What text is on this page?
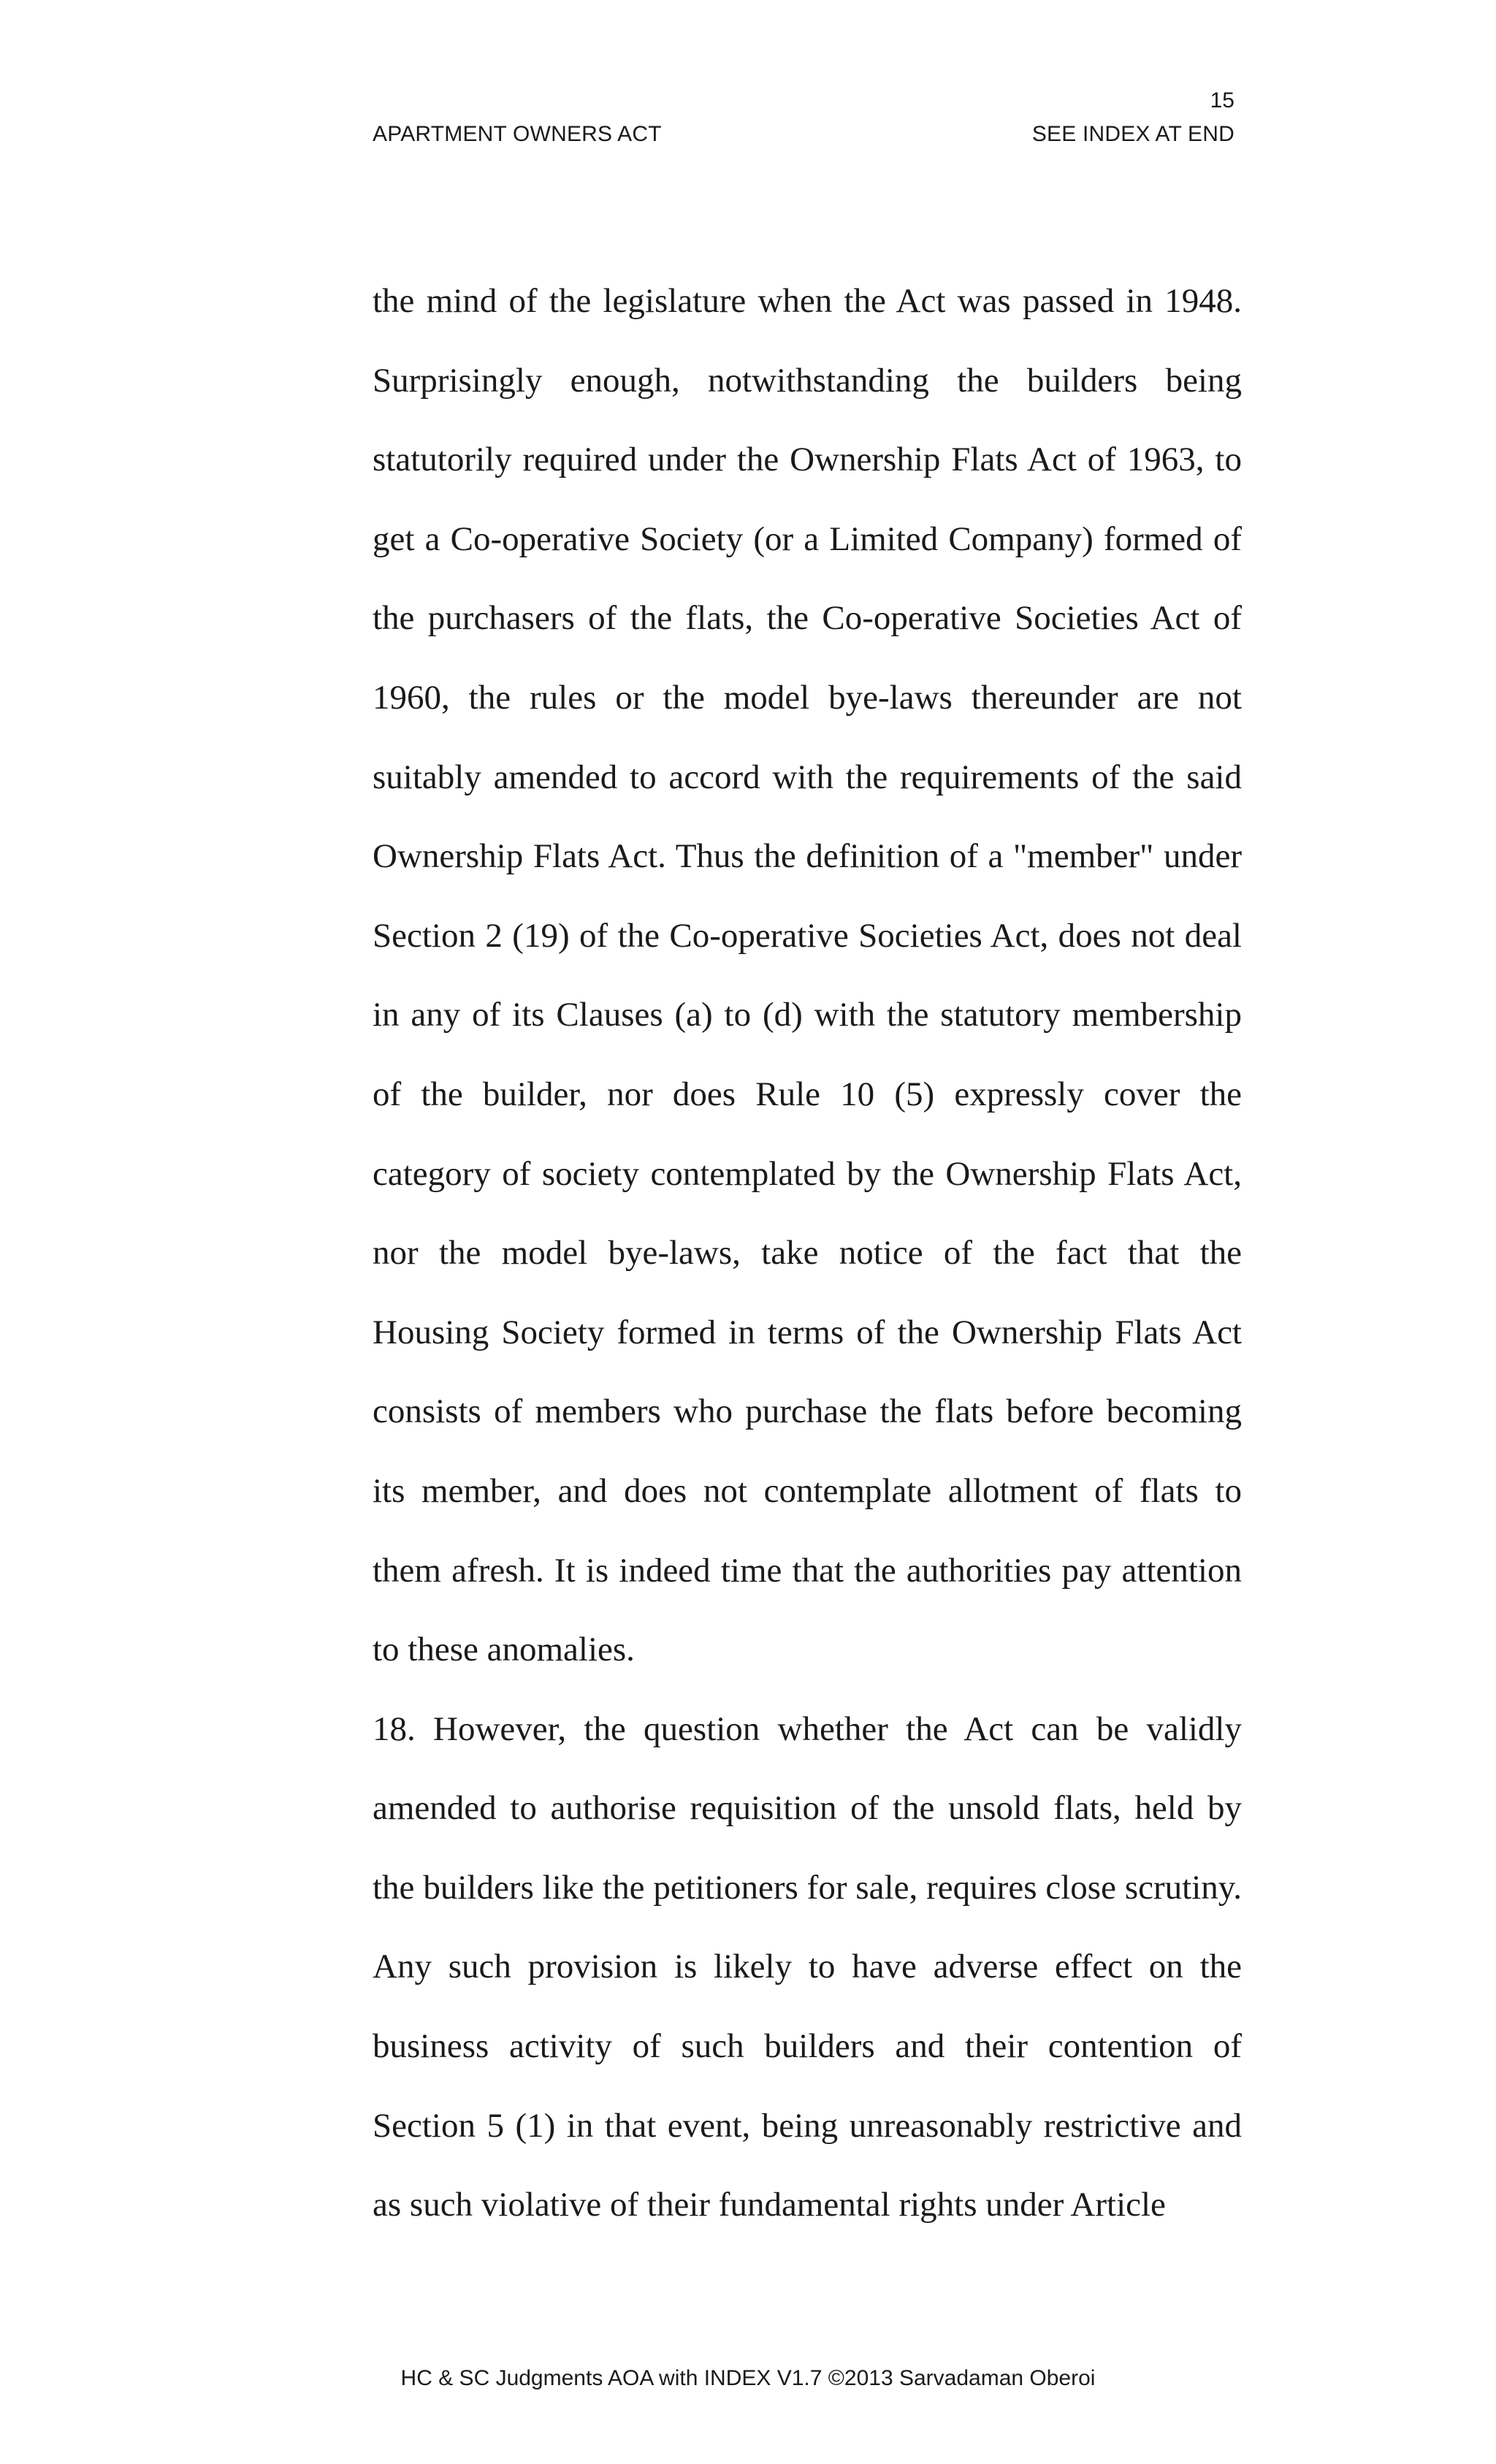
15
APARTMENT OWNERS ACT	SEE INDEX AT END

the mind of the legislature when the Act was passed in 1948. Surprisingly enough, notwithstanding the builders being statutorily required under the Ownership Flats Act of 1963, to get a Co-operative Society (or a Limited Company) formed of the purchasers of the flats, the Co-operative Societies Act of 1960, the rules or the model bye-laws thereunder are not suitably amended to accord with the requirements of the said Ownership Flats Act. Thus the definition of a "member" under Section 2 (19) of the Co-operative Societies Act, does not deal in any of its Clauses (a) to (d) with the statutory membership of the builder, nor does Rule 10 (5) expressly cover the category of society contemplated by the Ownership Flats Act, nor the model bye-laws, take notice of the fact that the Housing Society formed in terms of the Ownership Flats Act consists of members who purchase the flats before becoming its member, and does not contemplate allotment of flats to them afresh. It is indeed time that the authorities pay attention to these anomalies.

18. However, the question whether the Act can be validly amended to authorise requisition of the unsold flats, held by the builders like the petitioners for sale, requires close scrutiny. Any such provision is likely to have adverse effect on the business activity of such builders and their contention of Section 5 (1) in that event, being unreasonably restrictive and as such violative of their fundamental rights under Article

HC & SC Judgments AOA with INDEX V1.7 ©2013 Sarvadaman Oberoi
